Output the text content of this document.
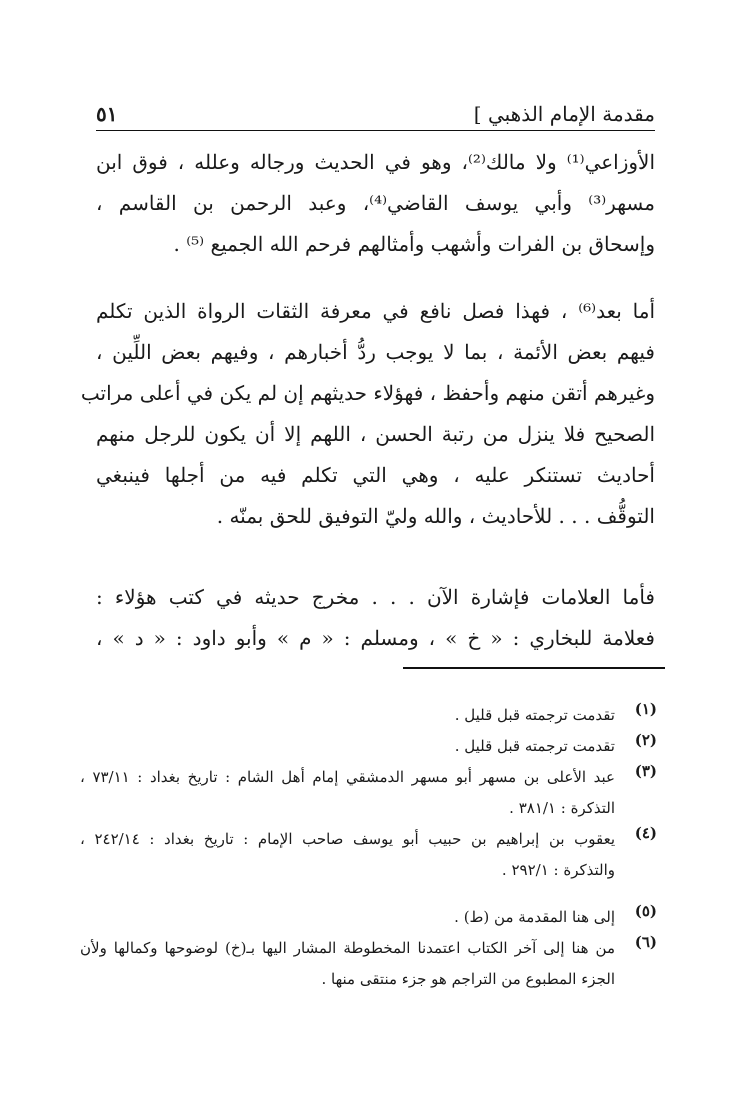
مقدمة الإمام الذهبي ]
٥١

الأوزاعي⁽¹⁾ ولا مالك⁽²⁾، وهو في الحديث ورجاله وعلله ، فوق ابن
مسهر⁽³⁾ وأبي يوسف القاضي⁽⁴⁾، وعبد الرحمن بن القاسم ،
وإسحاق بن الفرات وأشهب وأمثالهم فرحم الله الجميع ⁽⁵⁾ .

أما بعد⁽⁶⁾ ، فهذا فصل نافع في معرفة الثقات الرواة الذين تكلم
فيهم بعض الأئمة ، بما لا يوجب ردُّ أخبارهم ، وفيهم بعض اللِّين ،
وغيرهم أتقن منهم وأحفظ ، فهؤلاء حديثهم إن لم يكن في أعلى مراتب
الصحيح فلا ينزل من رتبة الحسن ، اللهم إلا أن يكون للرجل منهم
أحاديث تستنكر عليه ، وهي التي تكلم فيه من أجلها فينبغي
التوقُّف . . . للأحاديث ، والله وليّ التوفيق للحق بمنّه .

فأما العلامات فإشارة الآن . . . مخرج حديثه في كتب هؤلاء :
فعلامة للبخاري : « خ » ، ومسلم : « م » وأبو داود : « د » ،

(١)
تقدمت ترجمته قبل قليل .
(٢)
تقدمت ترجمته قبل قليل .
(٣)
عبد الأعلى بن مسهر أبو مسهر الدمشقي إمام أهل الشام : تاريخ بغداد : ٧٣/١١ ،
التذكرة : ٣٨١/١ .
(٤)
يعقوب بن إبراهيم بن حبيب أبو يوسف صاحب الإمام : تاريخ بغداد : ٢٤٢/١٤ ،
والتذكرة : ٢٩٢/١ .
(٥)
إلى هنا المقدمة من (ط) .
(٦)
من هنا إلى آخر الكتاب اعتمدنا المخطوطة المشار اليها بـ(خ) لوضوحها وكمالها ولأن
الجزء المطبوع من التراجم هو جزء منتقى منها .
